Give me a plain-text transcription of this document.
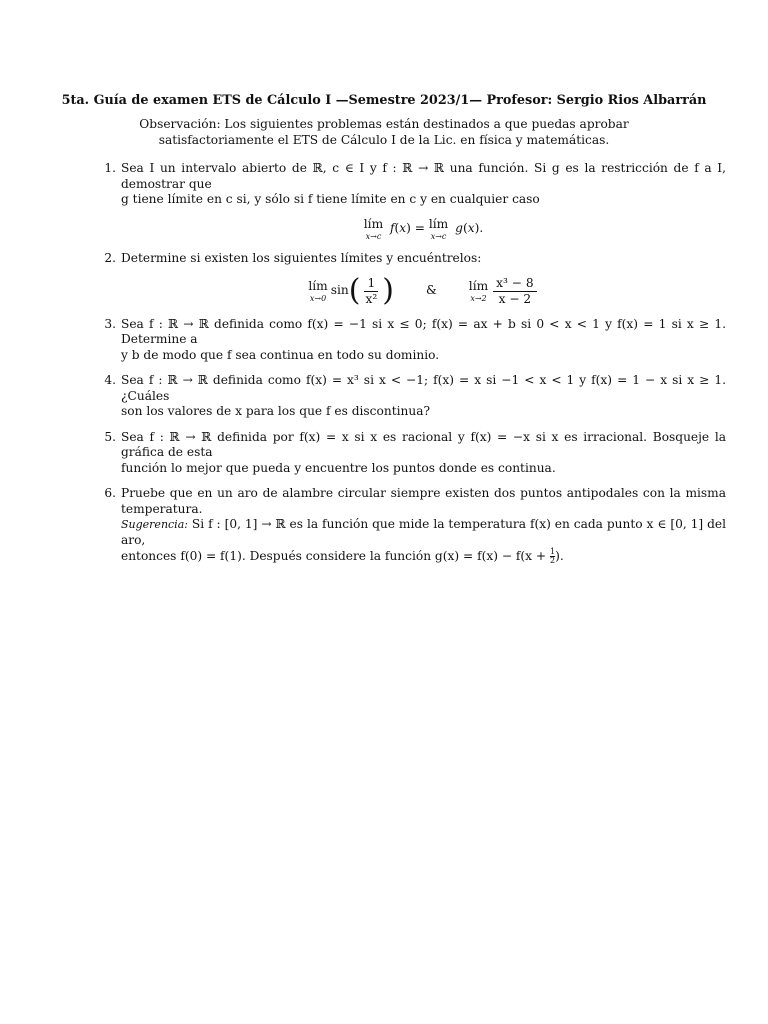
5ta. Guía de examen ETS de Cálculo I —Semestre 2023/1— Profesor: Sergio Rios Albarrán
Observación: Los siguientes problemas están destinados a que puedas aprobar satisfactoriamente el ETS de Cálculo I de la Lic. en física y matemáticas.
1. Sea I un intervalo abierto de ℝ, c ∈ I y f : ℝ → ℝ una función. Si g es la restricción de f a I, demostrar que
g tiene límite en c si, y sólo si f tiene límite en c y en cualquier caso
lím
x→c
f(x) = lím
x→c
g(x).
2. Determine si existen los siguientes límites y encuéntrelos:
lím
x→0
sin ( $\frac{1}{\text{x²}}$ )	&	lím
$x\to 2 \frac{\text{x³ − 8}}{x - 2}$
3. Sea f : ℝ → ℝ definida como f(x) = −1 si x ≤ 0; f(x) = ax + b si 0 < x < 1 y f(x) = 1 si x ≥ 1. Determine a
y b de modo que f sea continua en todo su dominio.
4. Sea f : ℝ → ℝ definida como f(x) = x³ si x < −1; f(x) = x si −1 < x < 1 y f(x) = 1 − x si x ≥ 1. ¿Cuáles
son los valores de x para los que f es discontinua?
5. Sea f : ℝ → ℝ definida por f(x) = x si x es racional y f(x) = −x si x es irracional. Bosqueje la gráfica de esta
función lo mejor que pueda y encuentre los puntos donde es continua.
6. Pruebe que en un aro de alambre circular siempre existen dos puntos antipodales con la misma temperatura.
Sugerencia: Si f : [0, 1] → ℝ es la función que mide la temperatura f(x) en cada punto x ∈ [0, 1] del aro,
entonces f(0) = f(1). Después considere la función $g(x) = f(x) - f(x + \frac{1}{2}$ ).
